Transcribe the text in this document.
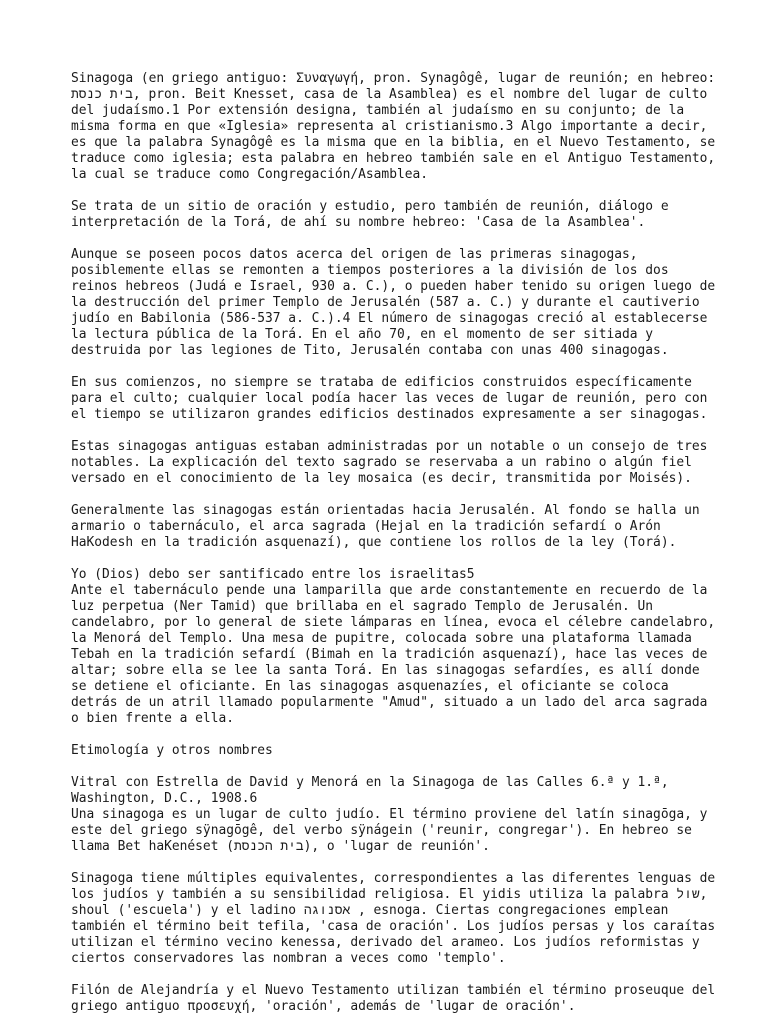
Sinagoga (en griego antiguo: Συναγωγή, pron. Synagôgê, lugar de reunión; en hebreo:
בית כנסת, pron. Beit Knesset, casa de la Asamblea) es el nombre del lugar de culto
del judaísmo.1 Por extensión designa, también al judaísmo en su conjunto; de la
misma forma en que «Iglesia» representa al cristianismo.3 Algo importante a decir,
es que la palabra Synagôgê es la misma que en la biblia, en el Nuevo Testamento, se
traduce como iglesia; esta palabra en hebreo también sale en el Antiguo Testamento,
la cual se traduce como Congregación/Asamblea.
Se trata de un sitio de oración y estudio, pero también de reunión, diálogo e
interpretación de la Torá, de ahí su nombre hebreo: 'Casa de la Asamblea'.
Aunque se poseen pocos datos acerca del origen de las primeras sinagogas,
posiblemente ellas se remonten a tiempos posteriores a la división de los dos
reinos hebreos (Judá e Israel, 930 a. C.), o pueden haber tenido su origen luego de
la destrucción del primer Templo de Jerusalén (587 a. C.) y durante el cautiverio
judío en Babilonia (586-537 a. C.).4 El número de sinagogas creció al establecerse
la lectura pública de la Torá. En el año 70, en el momento de ser sitiada y
destruida por las legiones de Tito, Jerusalén contaba con unas 400 sinagogas.
En sus comienzos, no siempre se trataba de edificios construidos específicamente
para el culto; cualquier local podía hacer las veces de lugar de reunión, pero con
el tiempo se utilizaron grandes edificios destinados expresamente a ser sinagogas.
Estas sinagogas antiguas estaban administradas por un notable o un consejo de tres
notables. La explicación del texto sagrado se reservaba a un rabino o algún fiel
versado en el conocimiento de la ley mosaica (es decir, transmitida por Moisés).
Generalmente las sinagogas están orientadas hacia Jerusalén. Al fondo se halla un
armario o tabernáculo, el arca sagrada (Hejal en la tradición sefardí o Arón
HaKodesh en la tradición asquenazí), que contiene los rollos de la ley (Torá).
Yo (Dios) debo ser santificado entre los israelitas5
Ante el tabernáculo pende una lamparilla que arde constantemente en recuerdo de la
luz perpetua (Ner Tamid) que brillaba en el sagrado Templo de Jerusalén. Un
candelabro, por lo general de siete lámparas en línea, evoca el célebre candelabro,
la Menorá del Templo. Una mesa de pupitre, colocada sobre una plataforma llamada
Tebah en la tradición sefardí (Bimah en la tradición asquenazí), hace las veces de
altar; sobre ella se lee la santa Torá. En las sinagogas sefardíes, es allí donde
se detiene el oficiante. En las sinagogas asquenazíes, el oficiante se coloca
detrás de un atril llamado popularmente "Amud", situado a un lado del arca sagrada
o bien frente a ella.
Etimología y otros nombres
Vitral con Estrella de David y Menorá en la Sinagoga de las Calles 6.ª y 1.ª,
Washington, D.C., 1908.6
Una sinagoga es un lugar de culto judío. El término proviene del latín sinagōga, y
este del griego sÿnagōgê, del verbo sÿnágein ('reunir, congregar'). En hebreo se
llama Bet haKenéset (בית הכנסת), o 'lugar de reunión'.
Sinagoga tiene múltiples equivalentes, correspondientes a las diferentes lenguas de
los judíos y también a su sensibilidad religiosa. El yidis utiliza la palabra שול,
shoul ('escuela') y el ladino אסנוגה , esnoga. Ciertas congregaciones emplean
también el término beit tefila, 'casa de oración'. Los judíos persas y los caraítas
utilizan el término vecino kenessa, derivado del arameo. Los judíos reformistas y
ciertos conservadores las nombran a veces como 'templo'.
Filón de Alejandría y el Nuevo Testamento utilizan también el término proseuque del
griego antiguo προσευχή, 'oración', además de 'lugar de oración'.
